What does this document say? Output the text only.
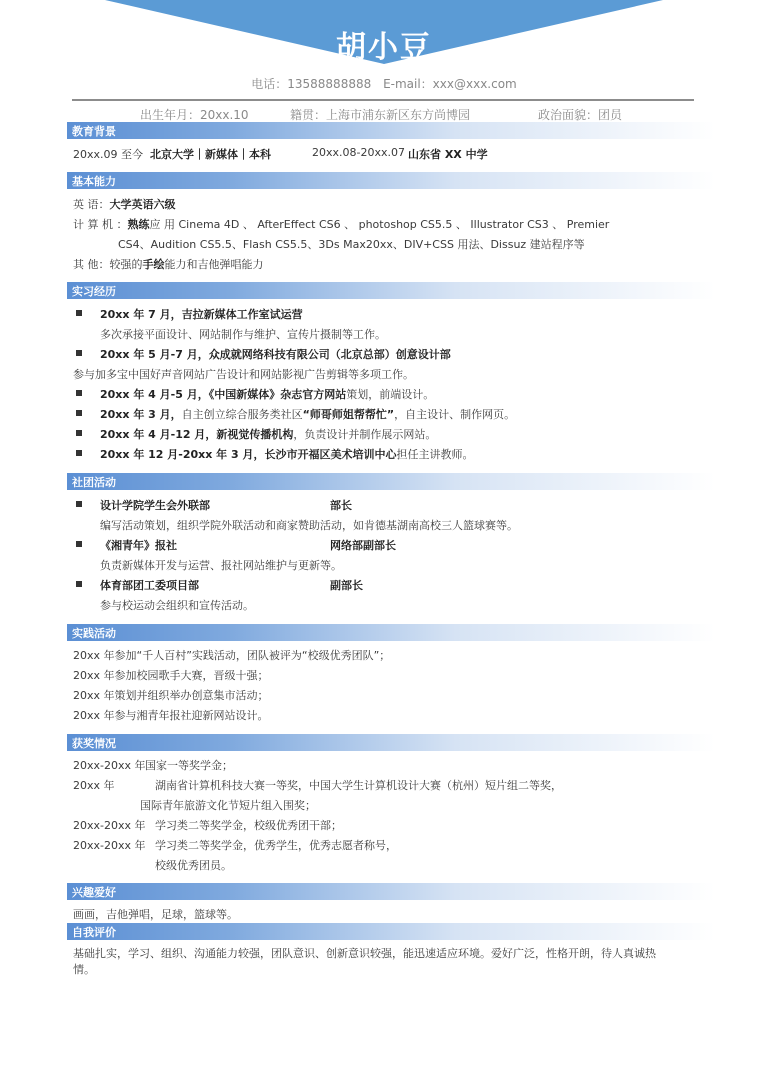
胡小豆
电话：13588888888 E-mail：xxx@xxx.com
出生年月：20xx.10	籍贯：上海市浦东新区东方尚博园	政治面貌：团员
教育背景
20xx.09 至今 北京大学｜新媒体｜本科	20xx.08-20xx.07 山东省 XX 中学
基本能力
英 语：大学英语六级
计 算 机 ：熟练应 用 Cinema 4D 、 AfterEffect CS6 、 photoshop CS5.5 、 Illustrator CS3 、 Premier
CS4、Audition CS5.5、Flash CS5.5、3Ds Max20xx、DIV+CSS 用法、Dissuz 建站程序等
其 他：较强的手绘能力和吉他弹唱能力
实习经历
20xx 年 7 月，吉拉新媒体工作室试运营
多次承接平面设计、网站制作与维护、宣传片摄制等工作。
20xx 年 5 月-7 月，众成就网络科技有限公司（北京总部）创意设计部
参与加多宝中国好声音网站广告设计和网站影视广告剪辑等多项工作。
20xx 年 4 月-5 月，《中国新媒体》杂志官方网站策划，前端设计。
20xx 年 3 月，自主创立综合服务类社区“师哥师姐帮帮忙”，自主设计、制作网页。
20xx 年 4 月-12 月，新视觉传播机构，负责设计并制作展示网站。
20xx 年 12 月-20xx 年 3 月，长沙市开福区美术培训中心担任主讲教师。
社团活动
设计学院学生会外联部	部长
编写活动策划，组织学院外联活动和商家赞助活动，如肯德基湖南高校三人篮球赛等。
《湘青年》报社	网络部副部长
负责新媒体开发与运营、报社网站维护与更新等。
体育部团工委项目部	副部长
参与校运动会组织和宣传活动。
实践活动
20xx 年参加“千人百村”实践活动，团队被评为“校级优秀团队”；
20xx 年参加校园歌手大赛，晋级十强；
20xx 年策划并组织举办创意集市活动；
20xx 年参与湘青年报社迎新网站设计。
获奖情况
20xx-20xx 年 国家一等奖学金；
20xx 年	湖南省计算机科技大赛一等奖，中国大学生计算机设计大赛（杭州）短片组二等奖，
国际青年旅游文化节短片组入围奖；
20xx-20xx 年 学习类二等奖学金，校级优秀团干部；
20xx-20xx 年 学习类二等奖学金，优秀学生，优秀志愿者称号，
校级优秀团员。
兴趣爱好
画画，吉他弹唱，足球，篮球等。
自我评价
基础扎实，学习、组织、沟通能力较强，团队意识、创新意识较强，能迅速适应环境。爱好广泛，性格开朗，待人真诚热
情。
